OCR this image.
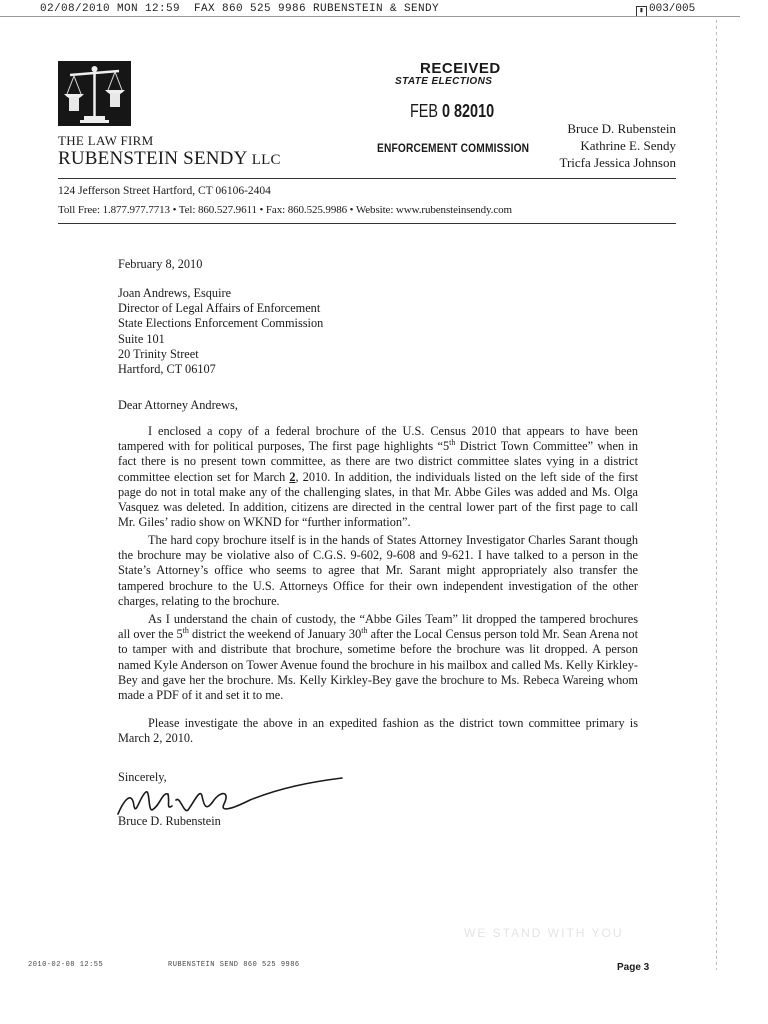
02/08/2010 MON 12:59  FAX 860 525 9986 RUBENSTEIN & SENDY	▮ 003/005
THE LAW FIRM
RUBENSTEIN SENDY LLC
RECEIVED
STATE ELECTIONS
FEB 0 82010
ENFORCEMENT COMMISSION
Bruce D. Rubenstein
Kathrine E. Sendy
Tricfa Jessica Johnson
124 Jefferson Street Hartford, CT 06106-2404
Toll Free: 1.877.977.7713 • Tel: 860.527.9611 • Fax: 860.525.9986 • Website: www.rubensteinsendy.com
February 8, 2010
Joan Andrews, Esquire
Director of Legal Affairs of Enforcement
State Elections Enforcement Commission
Suite 101
20 Trinity Street
Hartford, CT 06107
Dear Attorney Andrews,

I enclosed a copy of a federal brochure of the U.S. Census 2010 that appears to have been tampered with for political purposes, The first page highlights “5th District Town Committee” when in fact there is no present town committee, as there are two district committee slates vying in a district committee election set for March 2, 2010. In addition, the individuals listed on the left side of the first page do not in total make any of the challenging slates, in that Mr. Abbe Giles was added and Ms. Olga Vasquez was deleted. In addition, citizens are directed in the central lower part of the first page to call Mr. Giles’ radio show on WKND for “further information”.

The hard copy brochure itself is in the hands of States Attorney Investigator Charles Sarant though the brochure may be violative also of C.G.S. 9-602, 9-608 and 9-621. I have talked to a person in the State’s Attorney’s office who seems to agree that Mr. Sarant might appropriately also transfer the tampered brochure to the U.S. Attorneys Office for their own independent investigation of the other charges, relating to the brochure.

As I understand the chain of custody, the “Abbe Giles Team” lit dropped the tampered brochures all over the 5th district the weekend of January 30th after the Local Census person told Mr. Sean Arena not to tamper with and distribute that brochure, sometime before the brochure was lit dropped. A person named Kyle Anderson on Tower Avenue found the brochure in his mailbox and called Ms. Kelly Kirkley-Bey and gave her the brochure. Ms. Kelly Kirkley-Bey gave the brochure to Ms. Rebeca Wareing whom made a PDF of it and set it to me.

Please investigate the above in an expedited fashion as the district town committee primary is March 2, 2010.

Sincerely,
Bruce D. Rubenstein
WE STAND WITH YOU
2010-02-08 12:55	RUBENSTEIN SEND 860 525 9986	Page 3
